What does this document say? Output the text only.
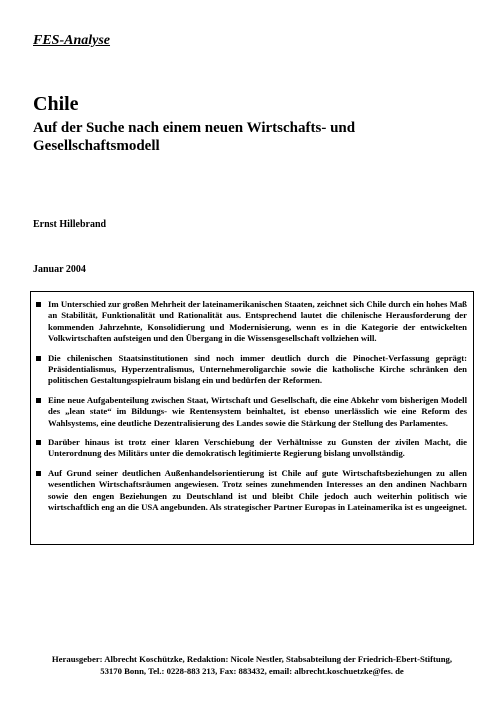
FES-Analyse

Chile
Auf der Suche nach einem neuen Wirtschafts- und Gesellschaftsmodell

Ernst Hillebrand

Januar 2004

Im Unterschied zur großen Mehrheit der lateinamerikanischen Staaten, zeichnet sich Chile durch ein hohes Maß an Stabilität, Funktionalität und Rationalität aus. Entsprechend lautet die chilenische Herausforderung der kommenden Jahrzehnte, Konsolidierung und Modernisierung, wenn es in die Kategorie der entwickelten Volkwirtschaften aufsteigen und den Übergang in die Wissensgesellschaft vollziehen will.
Die chilenischen Staatsinstitutionen sind noch immer deutlich durch die Pinochet-Verfassung geprägt: Präsidentialismus, Hyperzentralismus, Unternehmeroligarchie sowie die katholische Kirche schränken den politischen Gestaltungsspielraum bislang ein und bedürfen der Reformen.
Eine neue Aufgabenteilung zwischen Staat, Wirtschaft und Gesellschaft, die eine Abkehr vom bisherigen Modell des „lean state“ im Bildungs- wie Rentensystem beinhaltet, ist ebenso unerlässlich wie eine Reform des Wahlsystems, eine deutliche Dezentralisierung des Landes sowie die Stärkung der Stellung des Parlamentes.
Darüber hinaus ist trotz einer klaren Verschiebung der Verhältnisse zu Gunsten der zivilen Macht, die Unterordnung des Militärs unter die demokratisch legitimierte Regierung bislang unvollständig.
Auf Grund seiner deutlichen Außenhandelsorientierung ist Chile auf gute Wirtschaftsbeziehungen zu allen wesentlichen Wirtschaftsräumen angewiesen. Trotz seines zunehmenden Interesses an den andinen Nachbarn sowie den engen Beziehungen zu Deutschland ist und bleibt Chile jedoch auch weiterhin politisch wie wirtschaftlich eng an die USA angebunden. Als strategischer Partner Europas in Lateinamerika ist es ungeeignet.
Herausgeber: Albrecht Koschützke, Redaktion: Nicole Nestler, Stabsabteilung der Friedrich-Ebert-Stiftung,
53170 Bonn, Tel.: 0228-883 213, Fax: 883432, email: albrecht.koschuetzke@fes. de
